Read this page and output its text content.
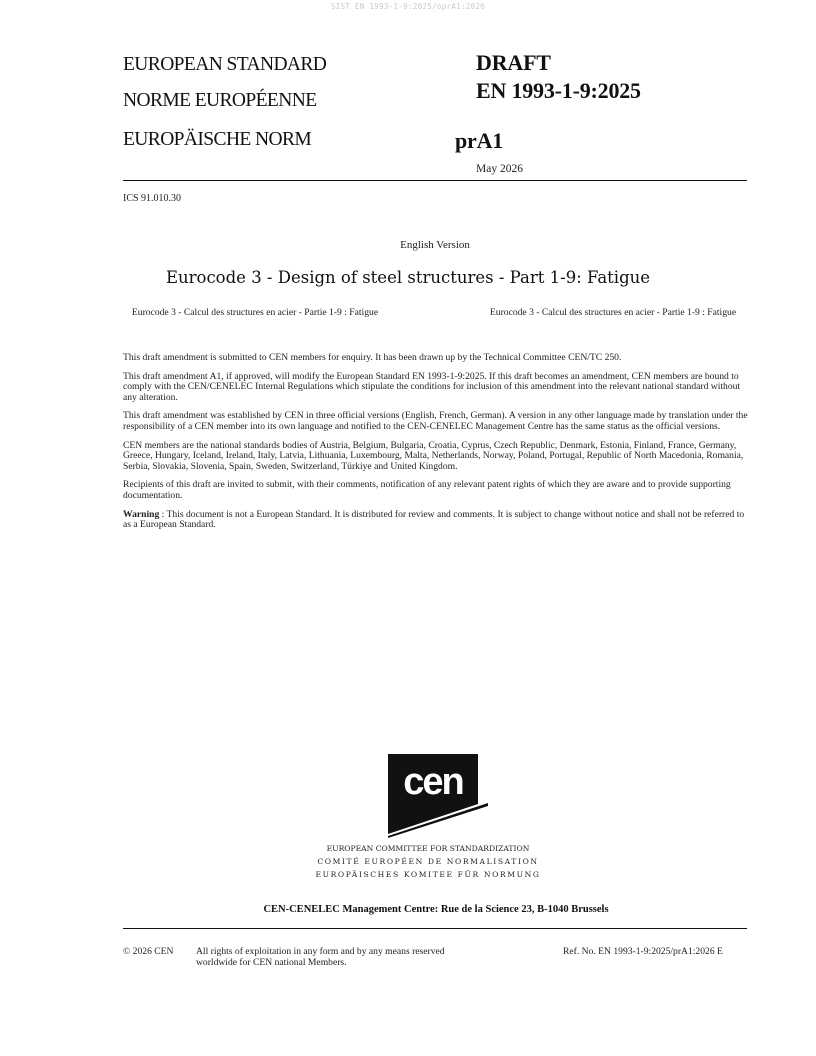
SIST EN 1993-1-9:2025/oprA1:2026
EUROPEAN STANDARD
NORME EUROPÉENNE
EUROPÄISCHE NORM
DRAFT
EN 1993-1-9:2025
prA1
May 2026
ICS 91.010.30
English Version
Eurocode 3 - Design of steel structures - Part 1-9: Fatigue
Eurocode 3 - Calcul des structures en acier - Partie 1-9 : Fatigue	Eurocode 3 - Calcul des structures en acier - Partie 1-9 : Fatigue

This draft amendment is submitted to CEN members for enquiry. It has been drawn up by the Technical Committee CEN/TC 250.

This draft amendment A1, if approved, will modify the European Standard EN 1993-1-9:2025. If this draft becomes an amendment, CEN members are bound to comply with the CEN/CENELEC Internal Regulations which stipulate the conditions for inclusion of this amendment into the relevant national standard without any alteration.

This draft amendment was established by CEN in three official versions (English, French, German). A version in any other language made by translation under the responsibility of a CEN member into its own language and notified to the CEN-CENELEC Management Centre has the same status as the official versions.

CEN members are the national standards bodies of Austria, Belgium, Bulgaria, Croatia, Cyprus, Czech Republic, Denmark, Estonia, Finland, France, Germany, Greece, Hungary, Iceland, Ireland, Italy, Latvia, Lithuania, Luxembourg, Malta, Netherlands, Norway, Poland, Portugal, Republic of North Macedonia, Romania, Serbia, Slovakia, Slovenia, Spain, Sweden, Switzerland, Türkiye and United Kingdom.

Recipients of this draft are invited to submit, with their comments, notification of any relevant patent rights of which they are aware and to provide supporting documentation.

Warning : This document is not a European Standard. It is distributed for review and comments. It is subject to change without notice and shall not be referred to as a European Standard.

cen
EUROPEAN COMMITTEE FOR STANDARDIZATION
COMITÉ EUROPÉEN DE NORMALISATION
EUROPÄISCHES KOMITEE FÜR NORMUNG
CEN-CENELEC Management Centre: Rue de la Science 23, B-1040 Brussels
© 2026 CEN All rights of exploitation in any form and by any means reserved
worldwide for CEN national Members.
Ref. No. EN 1993-1-9:2025/prA1:2026 E
